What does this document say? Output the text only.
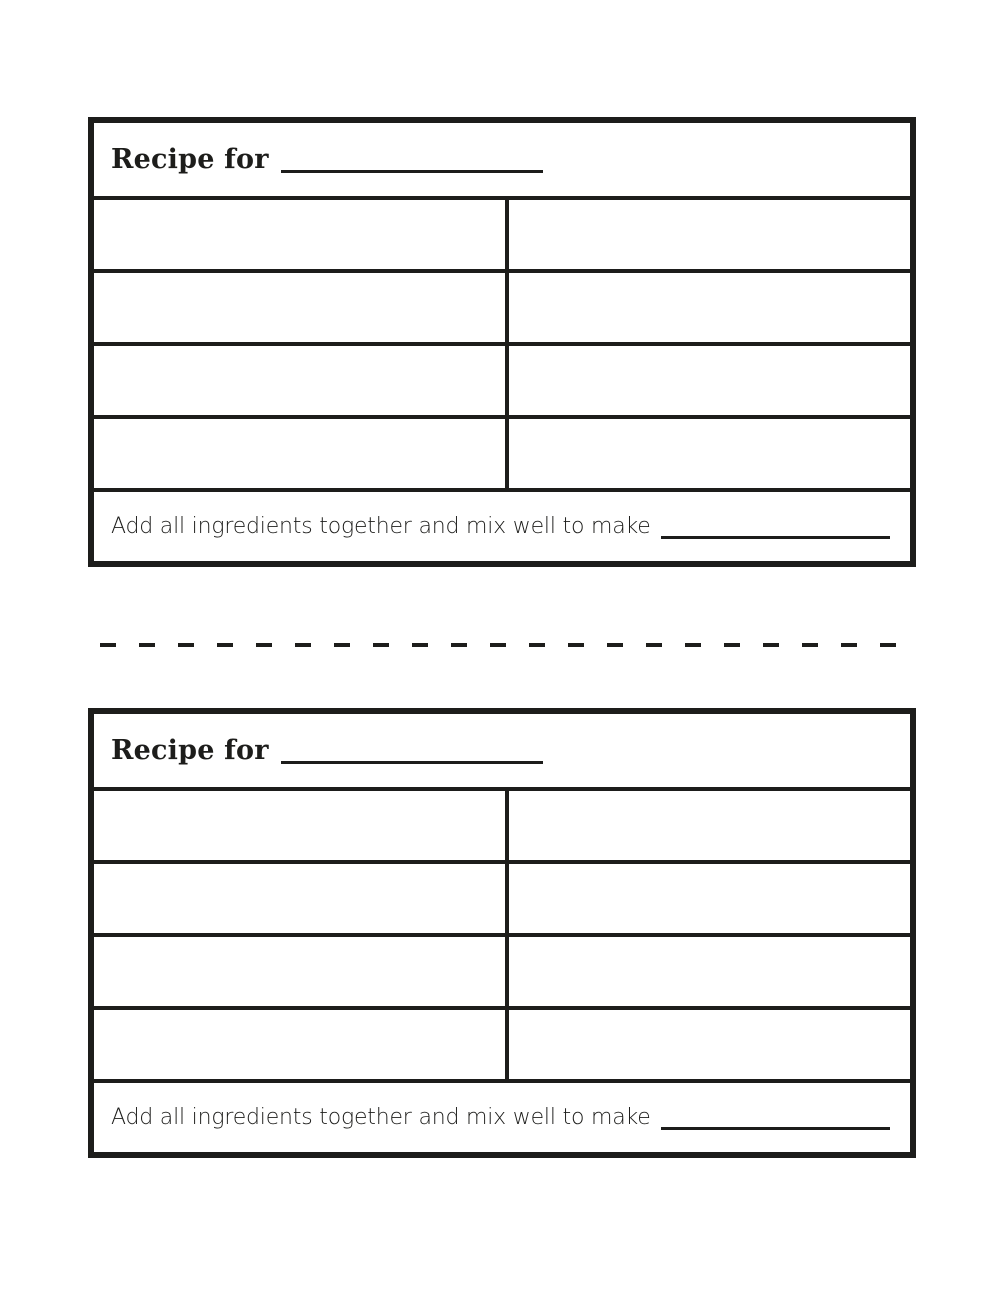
Recipe for
Add all ingredients together and mix well to make
Recipe for
Add all ingredients together and mix well to make
